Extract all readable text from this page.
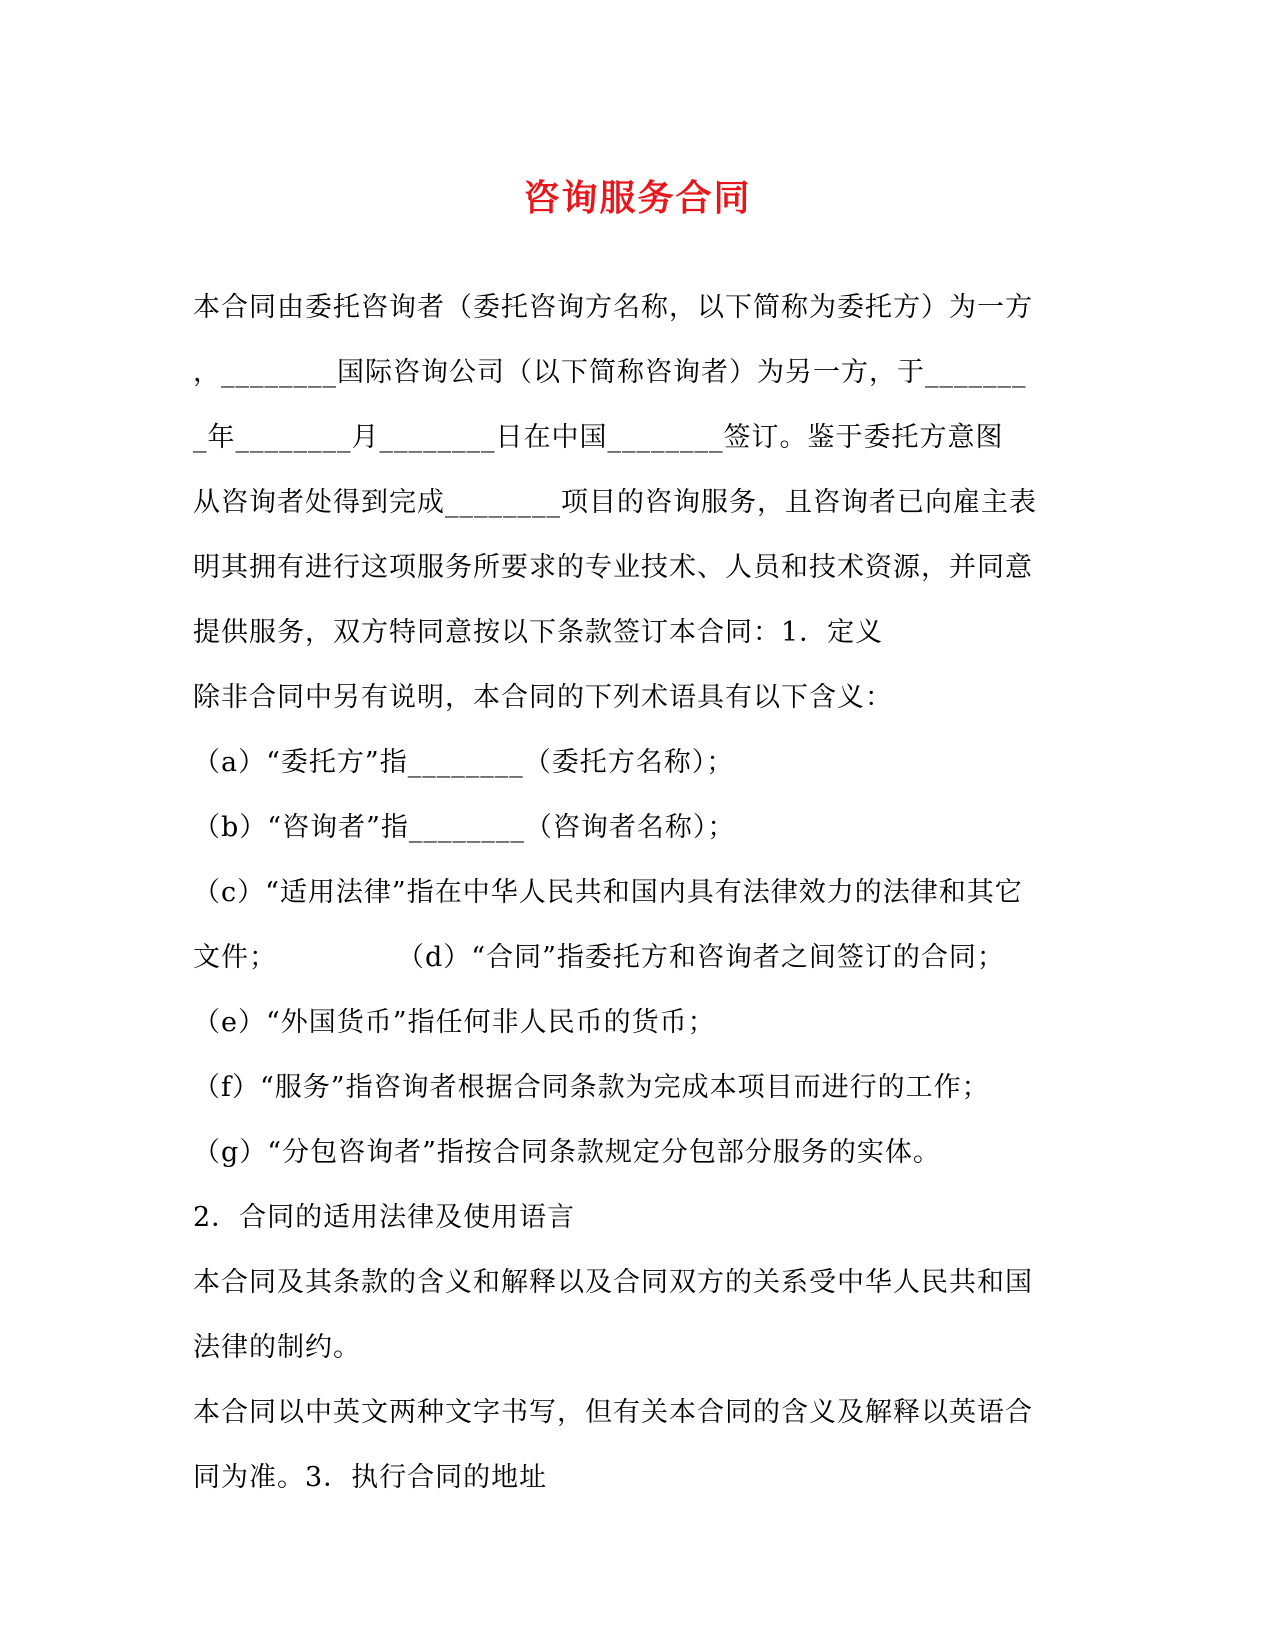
咨询服务合同
本合同由委托咨询者（委托咨询方名称，以下简称为委托方）为一方
，________国际咨询公司（以下简称咨询者）为另一方，于_______
_年________月________日在中国________签订。鉴于委托方意图
从咨询者处得到完成________项目的咨询服务，且咨询者已向雇主表
明其拥有进行这项服务所要求的专业技术、人员和技术资源，并同意
提供服务，双方特同意按以下条款签订本合同：1．定义
除非合同中另有说明，本合同的下列术语具有以下含义：
（a）“委托方”指________（委托方名称）；
（b）“咨询者”指________（咨询者名称）；
（c）“适用法律”指在中华人民共和国内具有法律效力的法律和其它
文件；	（d）“合同”指委托方和咨询者之间签订的合同；
（e）“外国货币”指任何非人民币的货币；
（f）“服务”指咨询者根据合同条款为完成本项目而进行的工作；
（g）“分包咨询者”指按合同条款规定分包部分服务的实体。
2．合同的适用法律及使用语言
本合同及其条款的含义和解释以及合同双方的关系受中华人民共和国
法律的制约。
本合同以中英文两种文字书写，但有关本合同的含义及解释以英语合
同为准。3．执行合同的地址
